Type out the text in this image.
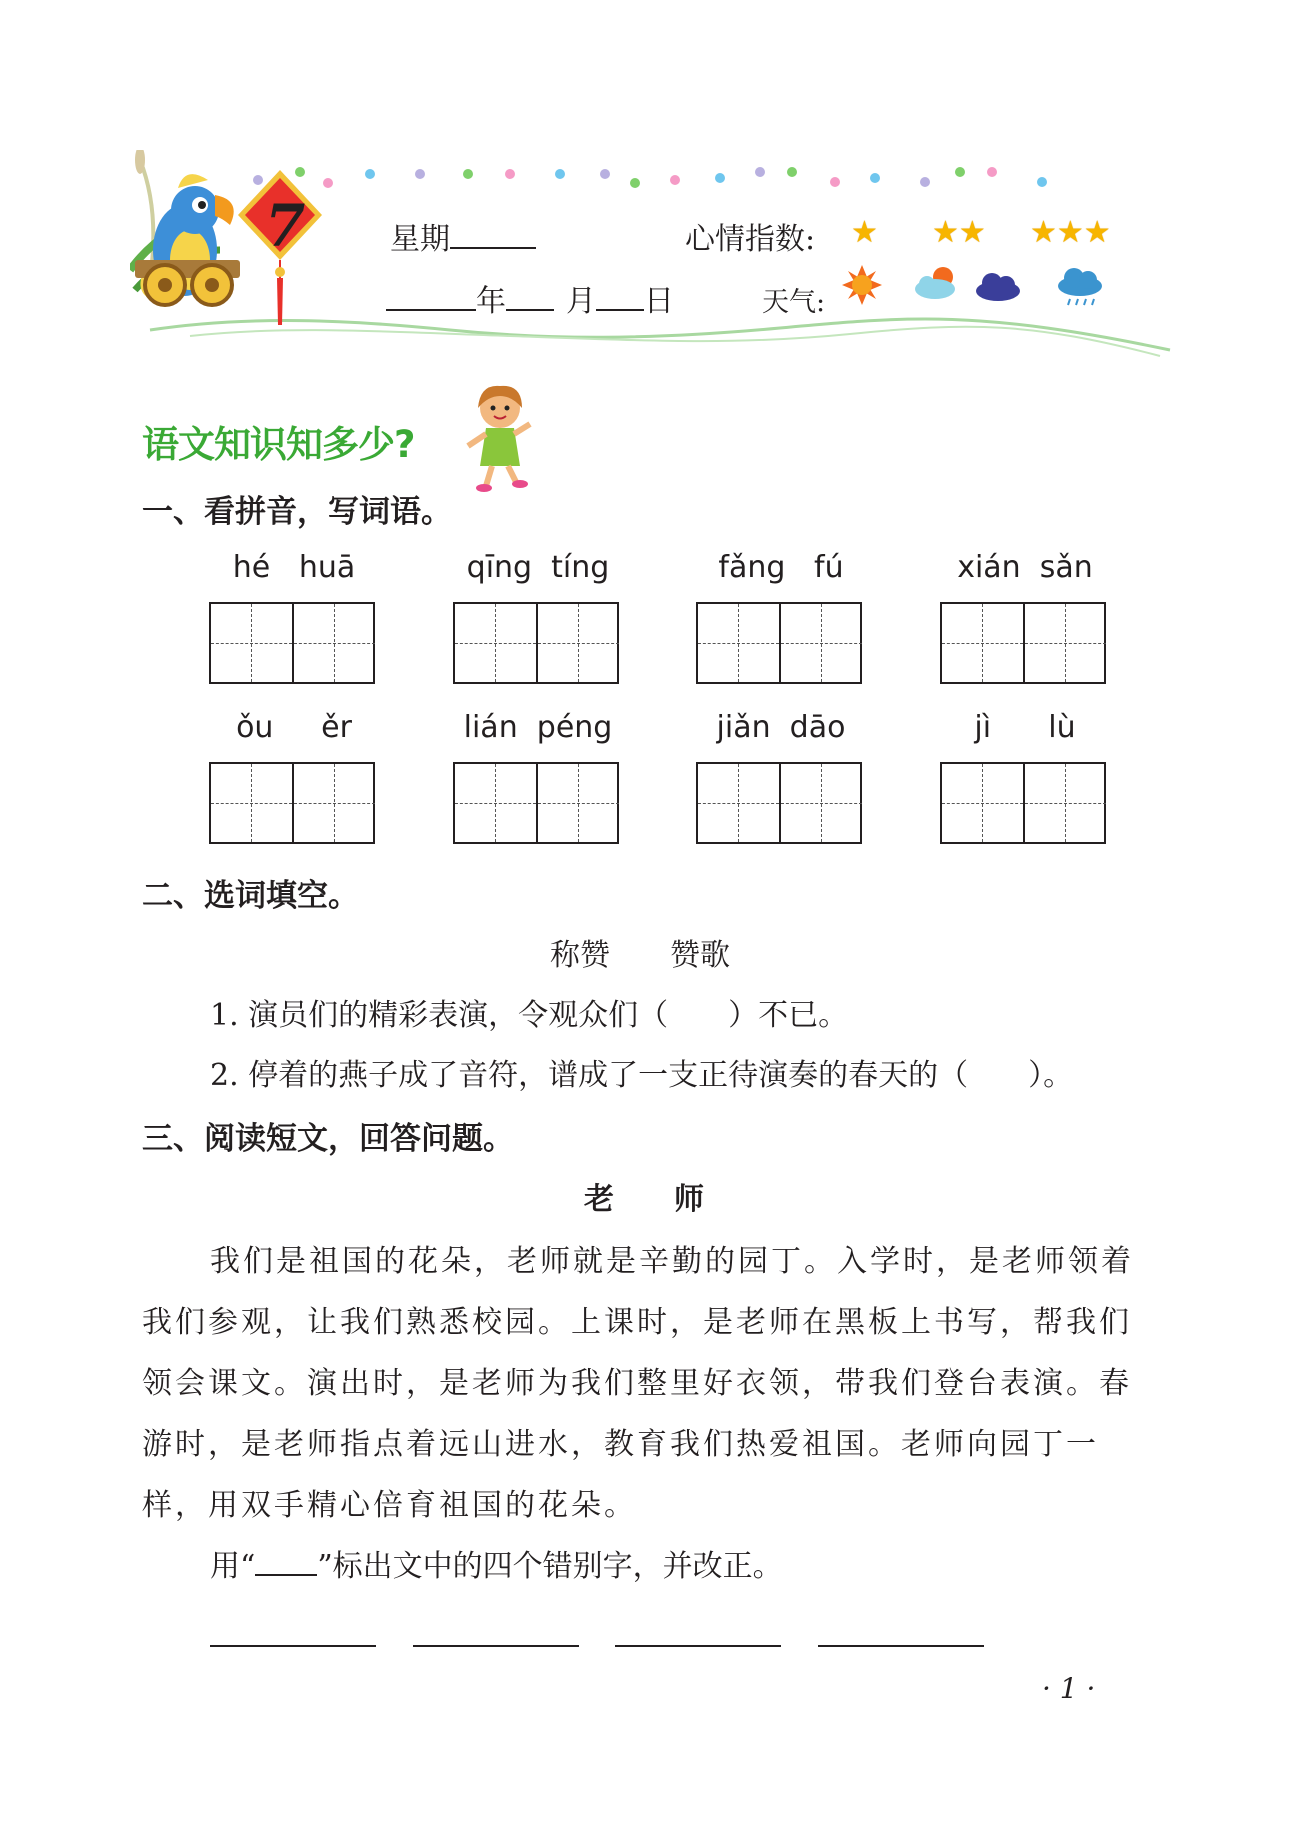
7	星期	心情指数: ★ ★★ ★★★
年 月 日	天气:
语文知识知多少?
一、看拼音，写词语。
hé   huā	qīng  tíng	fǎng   fú	xián  sǎn
ǒu     ěr	lián  péng	jiǎn  dāo	jì      lù
二、选词填空。
称赞　　赞歌
1. 演员们的精彩表演，令观众们（　　）不已。
2. 停着的燕子成了音符，谱成了一支正待演奏的春天的（　　）。
三、阅读短文，回答问题。
老　　师
我们是祖国的花朵，老师就是辛勤的园丁。入学时，是老师领着
我们参观，让我们熟悉校园。上课时，是老师在黑板上书写，帮我们
领会课文。演出时，是老师为我们整里好衣领，带我们登台表演。春
游时，是老师指点着远山进水，教育我们热爱祖国。老师向园丁一
样，用双手精心倍育祖国的花朵。
用“ ”标出文中的四个错别字，并改正。
· 1 ·
